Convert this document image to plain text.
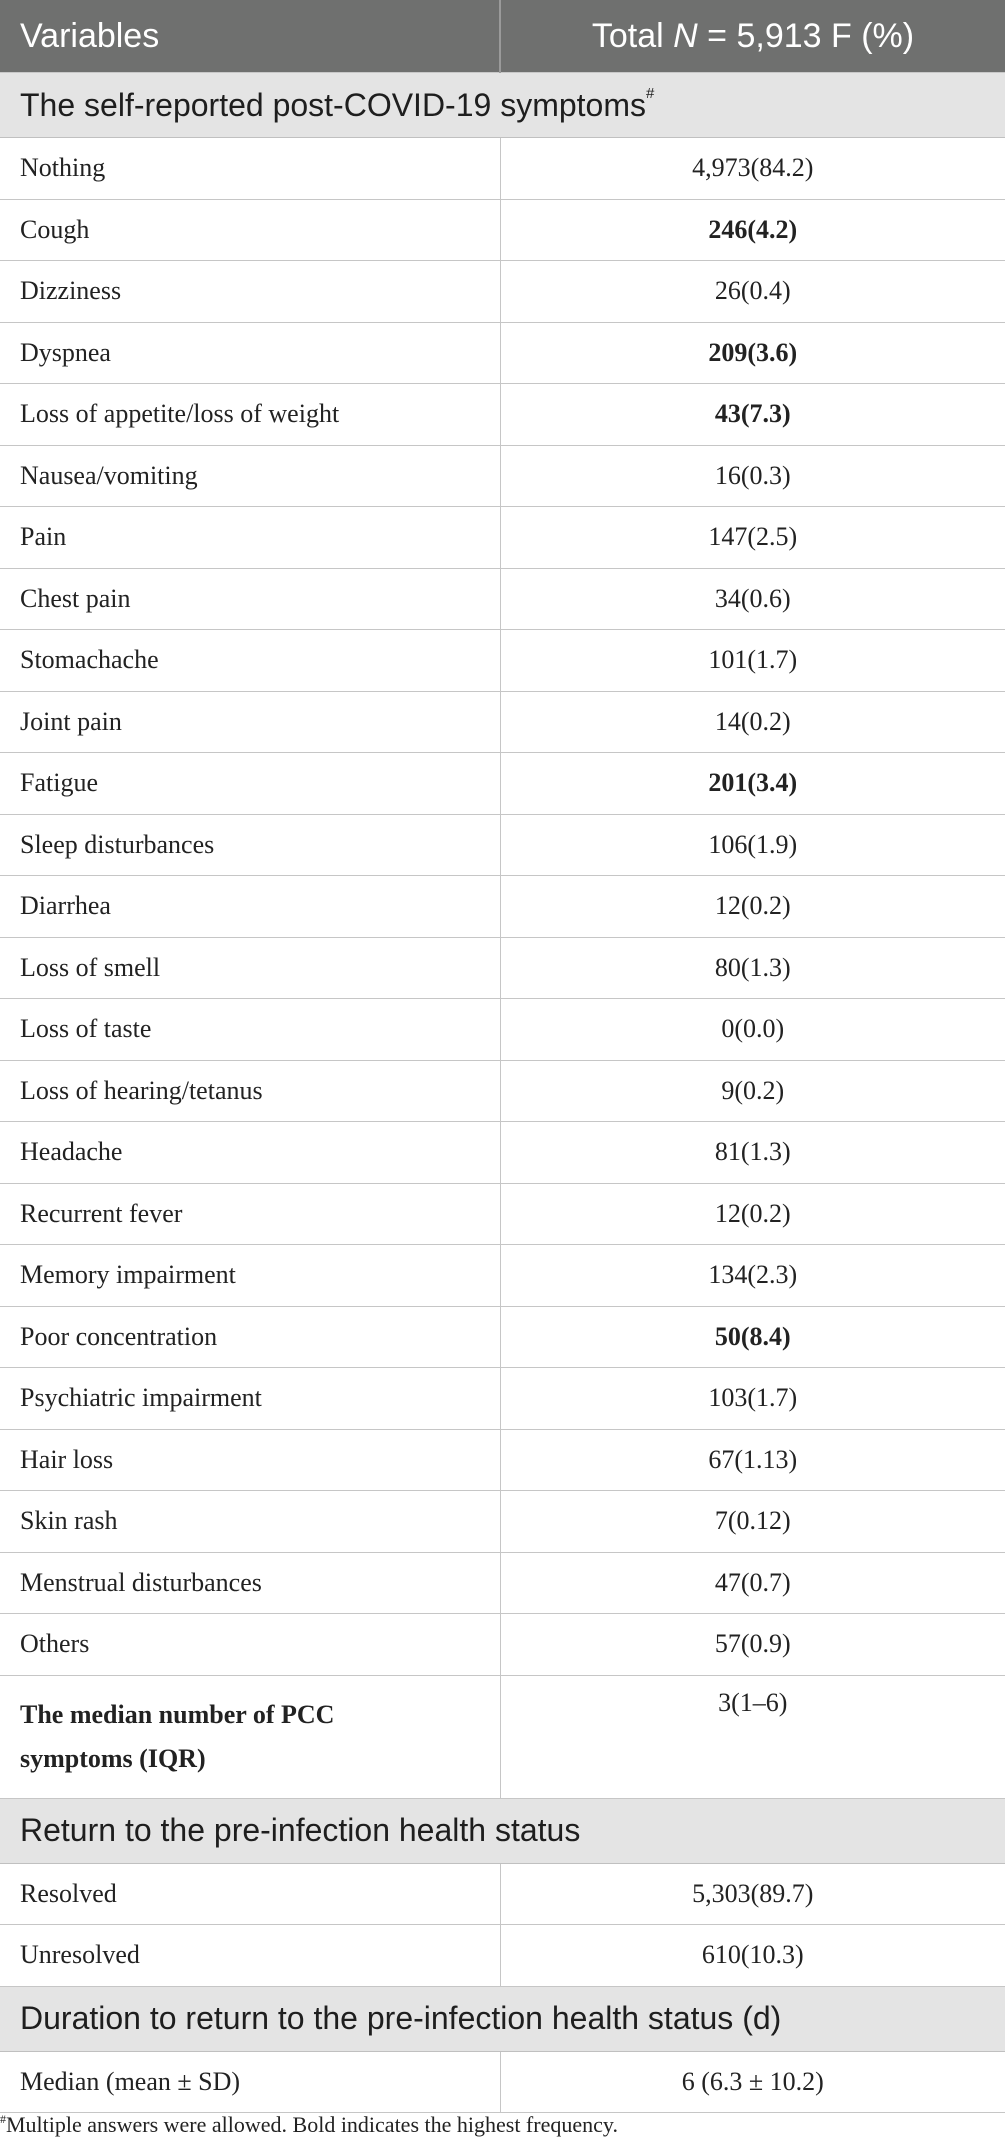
Variables	Total N = 5,913 F (%)
The self-reported post-COVID-19 symptoms#
Nothing	4,973(84.2)
Cough	246(4.2)
Dizziness	26(0.4)
Dyspnea	209(3.6)
Loss of appetite/loss of weight	43(7.3)
Nausea/vomiting	16(0.3)
Pain	147(2.5)
Chest pain	34(0.6)
Stomachache	101(1.7)
Joint pain	14(0.2)
Fatigue	201(3.4)
Sleep disturbances	106(1.9)
Diarrhea	12(0.2)
Loss of smell	80(1.3)
Loss of taste	0(0.0)
Loss of hearing/tetanus	9(0.2)
Headache	81(1.3)
Recurrent fever	12(0.2)
Memory impairment	134(2.3)
Poor concentration	50(8.4)
Psychiatric impairment	103(1.7)
Hair loss	67(1.13)
Skin rash	7(0.12)
Menstrual disturbances	47(0.7)
Others	57(0.9)
The median number of PCC
symptoms (IQR)	3(1–6)
Return to the pre-infection health status	
Resolved	5,303(89.7)
Unresolved	610(10.3)
Duration to return to the pre-infection health status (d)	
Median (mean ± SD)	6 (6.3 ± 10.2)
#Multiple answers were allowed. Bold indicates the highest frequency.
